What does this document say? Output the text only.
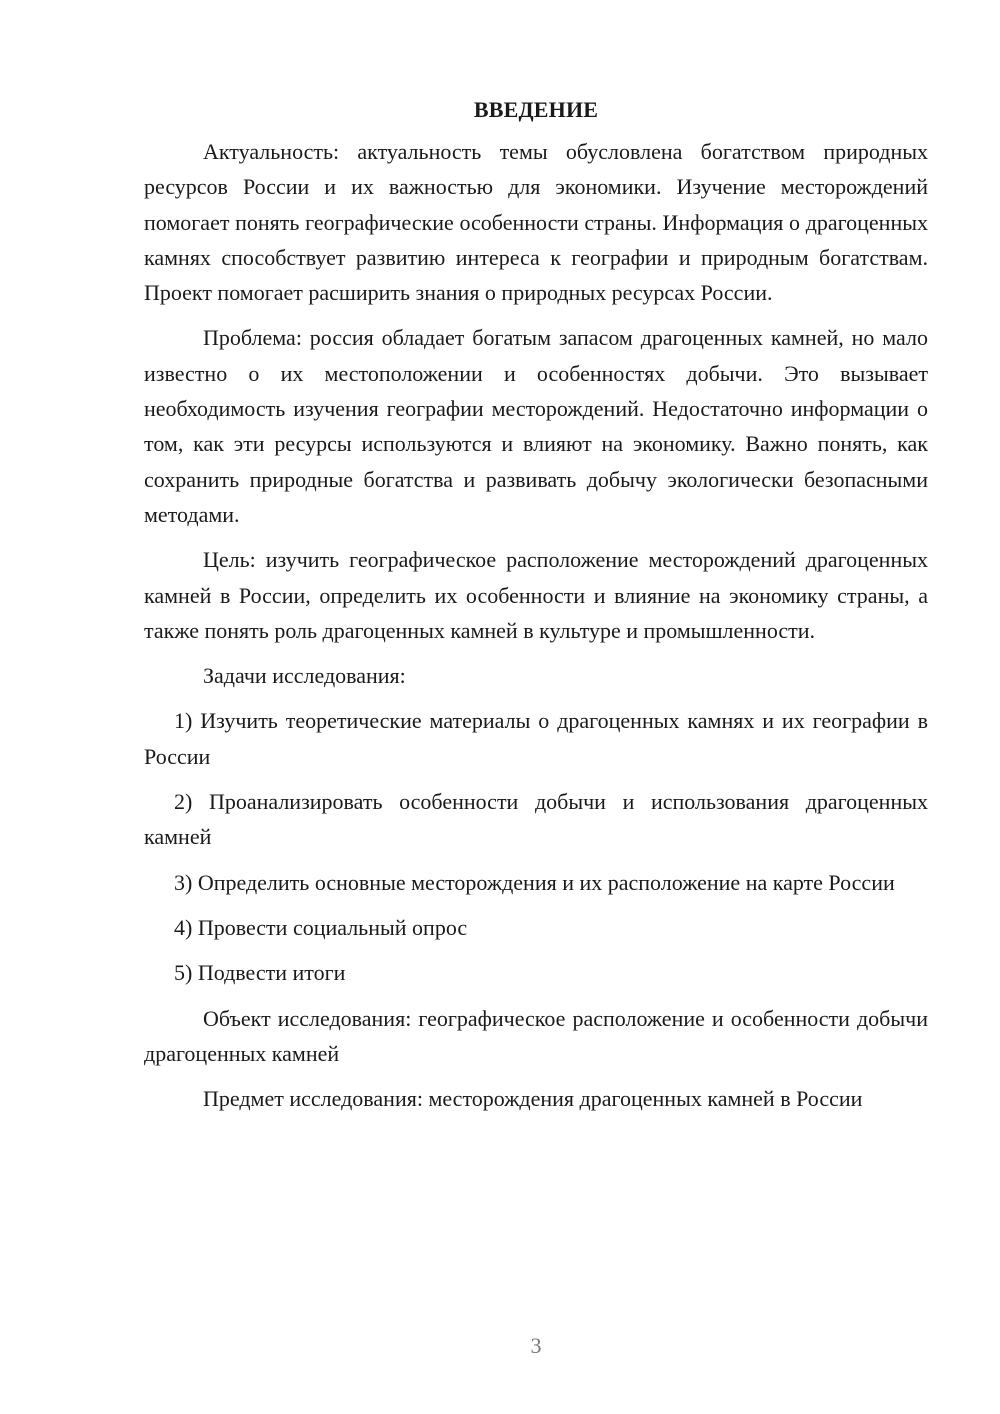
ВВЕДЕНИЕ

Актуальность: актуальность темы обусловлена богатством природных ресурсов России и их важностью для экономики. Изучение месторождений помогает понять географические особенности страны. Информация о драгоценных камнях способствует развитию интереса к географии и природным богатствам. Проект помогает расширить знания о природных ресурсах России.

Проблема: россия обладает богатым запасом драгоценных камней, но мало известно о их местоположении и особенностях добычи. Это вызывает необходимость изучения географии месторождений. Недостаточно информации о том, как эти ресурсы используются и влияют на экономику. Важно понять, как сохранить природные богатства и развивать добычу экологически безопасными методами.

Цель: изучить географическое расположение месторождений драгоценных камней в России, определить их особенности и влияние на экономику страны, а также понять роль драгоценных камней в культуре и промышленности.

Задачи исследования:

1) Изучить теоретические материалы о драгоценных камнях и их географии в России

2) Проанализировать особенности добычи и использования драгоценных камней

3) Определить основные месторождения и их расположение на карте России

4) Провести социальный опрос

5) Подвести итоги

Объект исследования: географическое расположение и особенности добычи драгоценных камней

Предмет исследования: месторождения драгоценных камней в России

3
